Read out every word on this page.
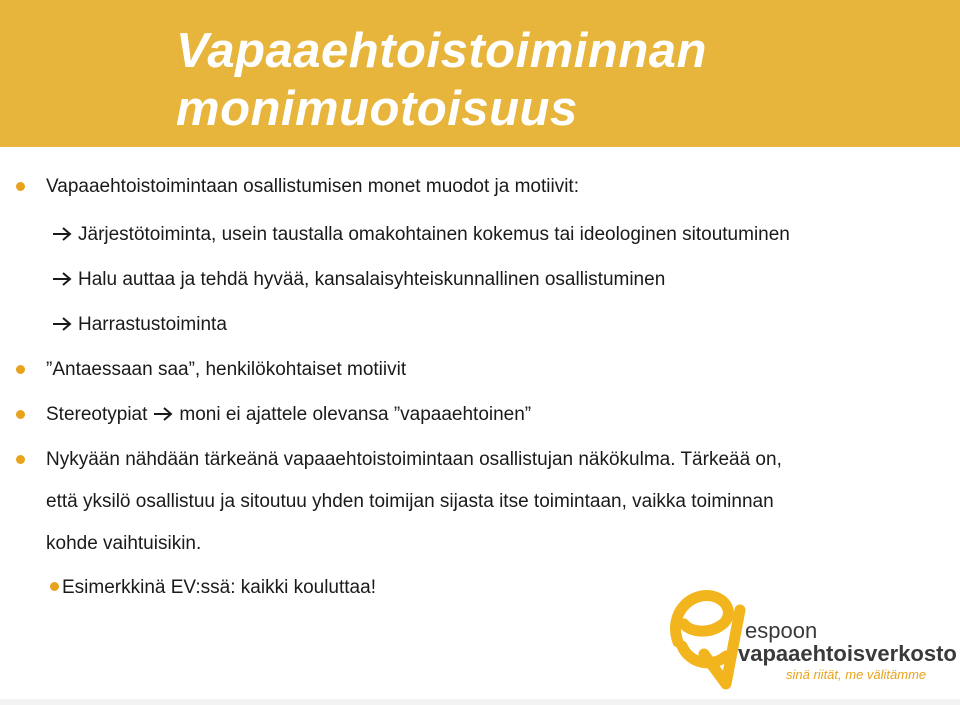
Vapaaehtoistoiminnan
monimuotoisuus
Vapaaehtoistoimintaan osallistumisen monet muodot ja motiivit:
Järjestötoiminta, usein taustalla omakohtainen kokemus tai ideologinen sitoutuminen
Halu auttaa ja tehdä hyvää, kansalaisyhteiskunnallinen osallistuminen
Harrastustoiminta
”Antaessaan saa”, henkilökohtaiset motiivit
Stereotypiat moni ei ajattele olevansa ”vapaaehtoinen”
Nykyään nähdään tärkeänä vapaaehtoistoimintaan osallistujan näkökulma. Tärkeää on,
että yksilö osallistuu ja sitoutuu yhden toimijan sijasta itse toimintaan, vaikka toiminnan
kohde vaihtuisikin.
Esimerkkinä EV:ssä: kaikki kouluttaa!
espoon
vapaaehtoisverkosto
sinä riität, me välitämme
